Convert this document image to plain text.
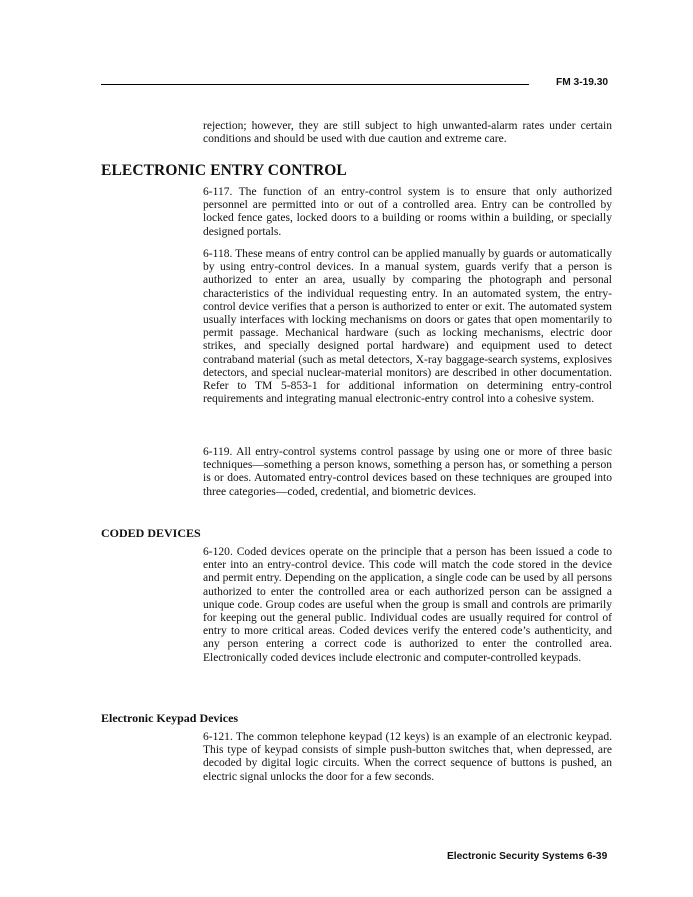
FM 3-19.30

rejection; however, they are still subject to high unwanted-alarm rates under certain conditions and should be used with due caution and extreme care.

ELECTRONIC ENTRY CONTROL

6-117. The function of an entry-control system is to ensure that only authorized personnel are permitted into or out of a controlled area. Entry can be controlled by locked fence gates, locked doors to a building or rooms within a building, or specially designed portals.

6-118. These means of entry control can be applied manually by guards or automatically by using entry-control devices. In a manual system, guards verify that a person is authorized to enter an area, usually by comparing the photograph and personal characteristics of the individual requesting entry. In an automated system, the entry-control device verifies that a person is authorized to enter or exit. The automated system usually interfaces with locking mechanisms on doors or gates that open momentarily to permit passage. Mechanical hardware (such as locking mechanisms, electric door strikes, and specially designed portal hardware) and equipment used to detect contraband material (such as metal detectors, X-ray baggage-search systems, explosives detectors, and special nuclear-material monitors) are described in other documentation. Refer to TM 5-853-1 for additional information on determining entry-control requirements and integrating manual electronic-entry control into a cohesive system.

6-119. All entry-control systems control passage by using one or more of three basic techniques—something a person knows, something a person has, or something a person is or does. Automated entry-control devices based on these techniques are grouped into three categories—coded, credential, and biometric devices.

CODED DEVICES

6-120. Coded devices operate on the principle that a person has been issued a code to enter into an entry-control device. This code will match the code stored in the device and permit entry. Depending on the application, a single code can be used by all persons authorized to enter the controlled area or each authorized person can be assigned a unique code. Group codes are useful when the group is small and controls are primarily for keeping out the general public. Individual codes are usually required for control of entry to more critical areas. Coded devices verify the entered code’s authenticity, and any person entering a correct code is authorized to enter the controlled area. Electronically coded devices include electronic and computer-controlled keypads.

Electronic Keypad Devices

6-121. The common telephone keypad (12 keys) is an example of an electronic keypad. This type of keypad consists of simple push-button switches that, when depressed, are decoded by digital logic circuits. When the correct sequence of buttons is pushed, an electric signal unlocks the door for a few seconds.

Electronic Security Systems 6-39
